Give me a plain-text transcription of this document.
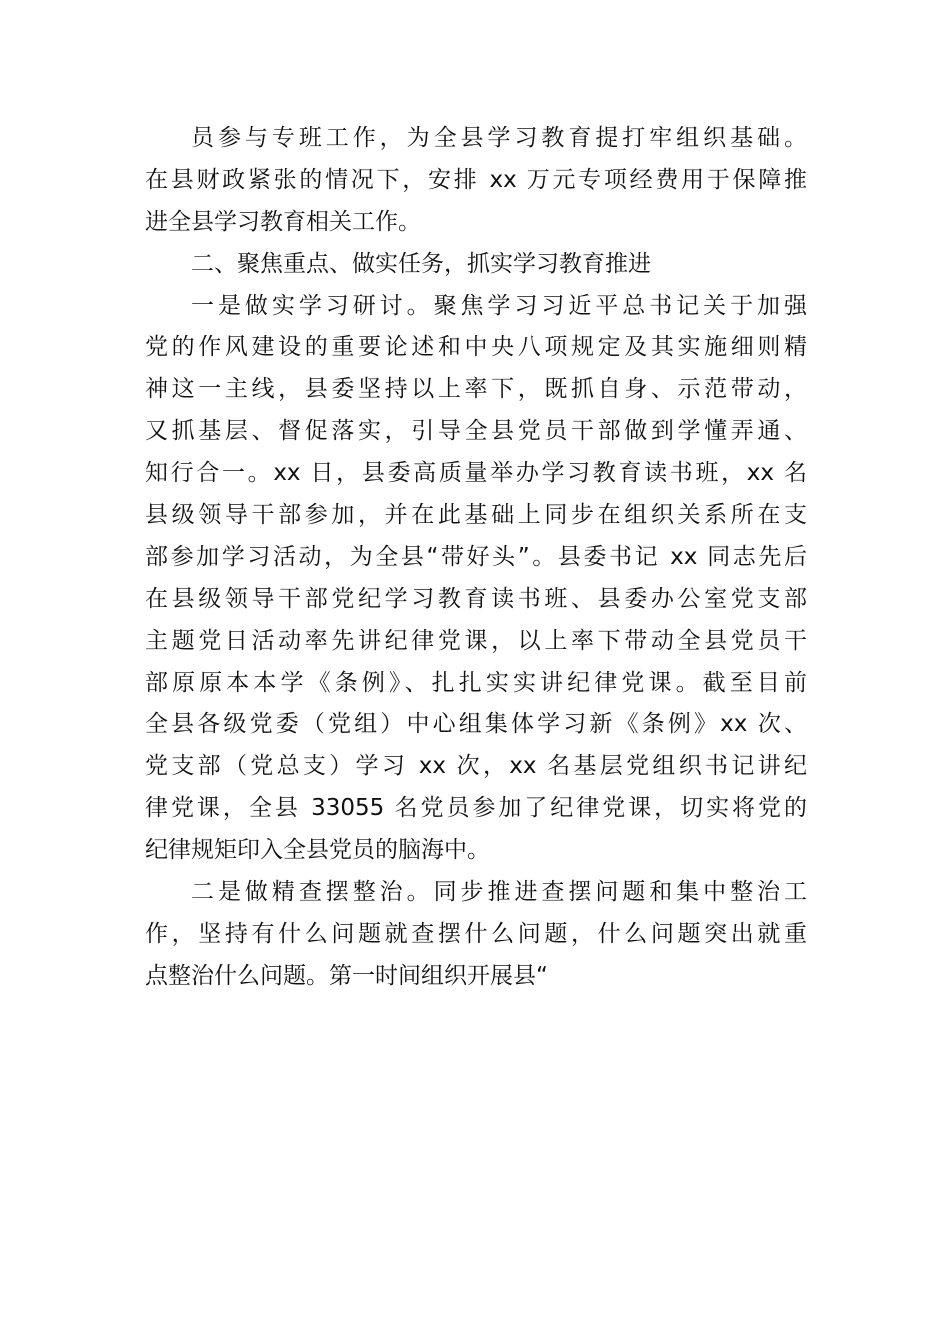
员参与专班工作，为全县学习教育提打牢组织基础。
在县财政紧张的情况下，安排 xx 万元专项经费用于保障推
进全县学习教育相关工作。
二、聚焦重点、做实任务，抓实学习教育推进
一是做实学习研讨。聚焦学习习近平总书记关于加强
党的作风建设的重要论述和中央八项规定及其实施细则精
神这一主线，县委坚持以上率下，既抓自身、示范带动，
又抓基层、督促落实，引导全县党员干部做到学懂弄通、
知行合一。xx 日，县委高质量举办学习教育读书班，xx 名
县级领导干部参加，并在此基础上同步在组织关系所在支
部参加学习活动，为全县“带好头”。县委书记 xx 同志先后
在县级领导干部党纪学习教育读书班、县委办公室党支部
主题党日活动率先讲纪律党课，以上率下带动全县党员干
部原原本本学《条例》、扎扎实实讲纪律党课。截至目前
全县各级党委（党组）中心组集体学习新《条例》xx 次、
党支部（党总支）学习 xx 次，xx 名基层党组织书记讲纪
律党课，全县 33055 名党员参加了纪律党课，切实将党的
纪律规矩印入全县党员的脑海中。
二是做精查摆整治。同步推进查摆问题和集中整治工
作，坚持有什么问题就查摆什么问题，什么问题突出就重
点整治什么问题。第一时间组织开展县“
